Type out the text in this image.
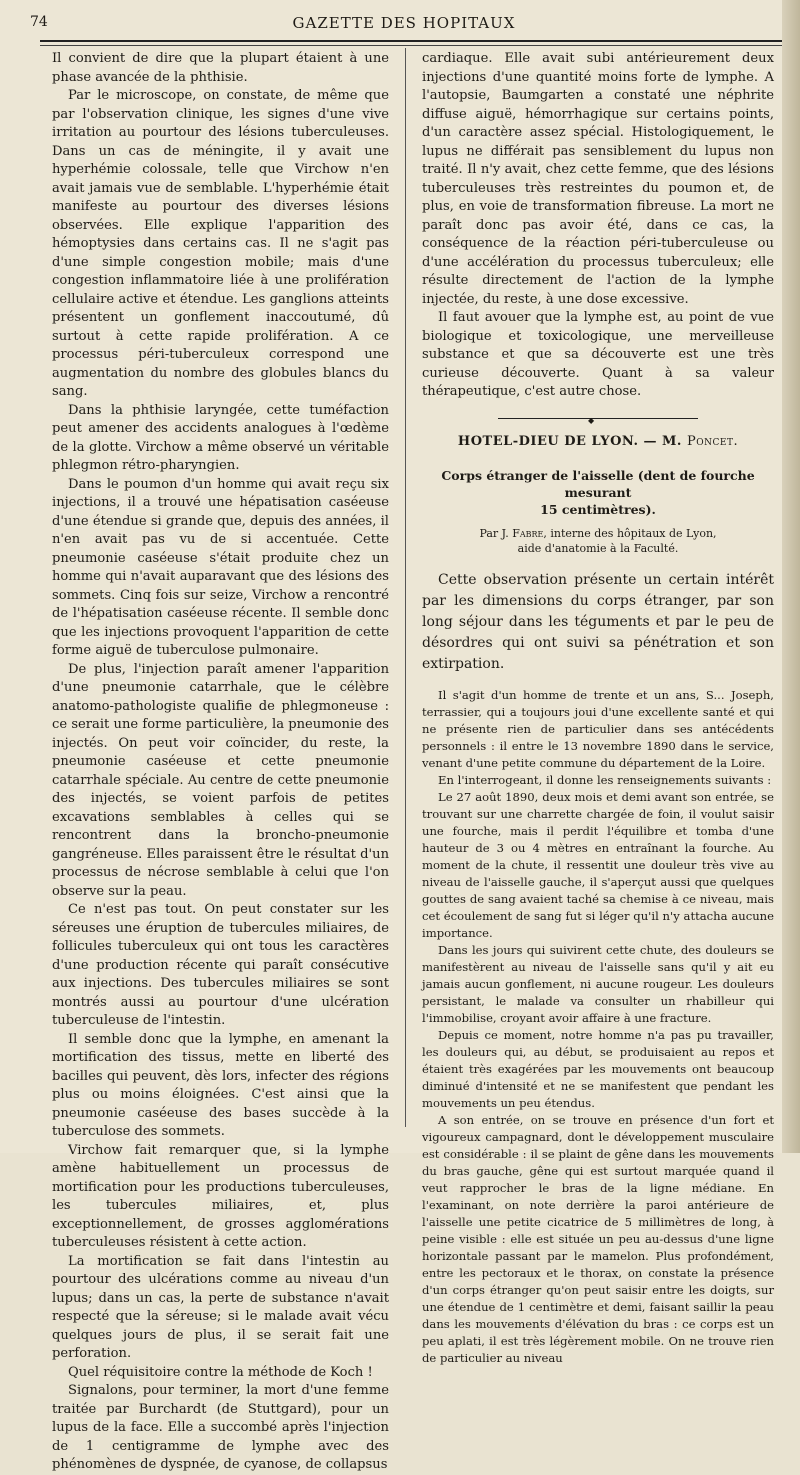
74	GAZETTE DES HOPITAUX

Il convient de dire que la plupart étaient à une phase avancée de la phthisie.

Par le microscope, on constate, de même que par l'observation clinique, les signes d'une vive irritation au pourtour des lésions tuberculeuses. Dans un cas de méningite, il y avait une hyperhémie colossale, telle que Virchow n'en avait jamais vue de semblable. L'hyperhémie était manifeste au pourtour des diverses lésions observées. Elle explique l'apparition des hémoptysies dans certains cas. Il ne s'agit pas d'une simple congestion mobile; mais d'une congestion inflammatoire liée à une prolifération cellulaire active et étendue. Les ganglions atteints présentent un gonflement inaccoutumé, dû surtout à cette rapide prolifération. A ce processus péri-tuberculeux correspond une augmentation du nombre des globules blancs du sang.

Dans la phthisie laryngée, cette tuméfaction peut amener des accidents analogues à l'œdème de la glotte. Virchow a même observé un véritable phlegmon rétro-pharyngien.

Dans le poumon d'un homme qui avait reçu six injections, il a trouvé une hépatisation caséeuse d'une étendue si grande que, depuis des années, il n'en avait pas vu de si accentuée. Cette pneumonie caséeuse s'était produite chez un homme qui n'avait auparavant que des lésions des sommets. Cinq fois sur seize, Virchow a rencontré de l'hépatisation caséeuse récente. Il semble donc que les injections provoquent l'apparition de cette forme aiguë de tuberculose pulmonaire.

De plus, l'injection paraît amener l'apparition d'une pneumonie catarrhale, que le célèbre anatomo-pathologiste qualifie de phlegmoneuse : ce serait une forme particulière, la pneumonie des injectés. On peut voir coïncider, du reste, la pneumonie caséeuse et cette pneumonie catarrhale spéciale. Au centre de cette pneumonie des injectés, se voient parfois de petites excavations semblables à celles qui se rencontrent dans la broncho-pneumonie gangréneuse. Elles paraissent être le résultat d'un processus de nécrose semblable à celui que l'on observe sur la peau.

Ce n'est pas tout. On peut constater sur les séreuses une éruption de tubercules miliaires, de follicules tuberculeux qui ont tous les caractères d'une production récente qui paraît consécutive aux injections. Des tubercules miliaires se sont montrés aussi au pourtour d'une ulcération tuberculeuse de l'intestin.

Il semble donc que la lymphe, en amenant la mortification des tissus, mette en liberté des bacilles qui peuvent, dès lors, infecter des régions plus ou moins éloignées. C'est ainsi que la pneumonie caséeuse des bases succède à la tuberculose des sommets.

Virchow fait remarquer que, si la lymphe amène habituellement un processus de mortification pour les productions tuberculeuses, les tubercules miliaires, et, plus exceptionnellement, de grosses agglomérations tuberculeuses résistent à cette action.

La mortification se fait dans l'intestin au pourtour des ulcérations comme au niveau d'un lupus; dans un cas, la perte de substance n'avait respecté que la séreuse; si le malade avait vécu quelques jours de plus, il se serait fait une perforation.

Quel réquisitoire contre la méthode de Koch !

Signalons, pour terminer, la mort d'une femme traitée par Burchardt (de Stuttgard), pour un lupus de la face. Elle a succombé après l'injection de 1 centigramme de lymphe avec des phénomènes de dyspnée, de cyanose, de collapsus

cardiaque. Elle avait subi antérieurement deux injections d'une quantité moins forte de lymphe. A l'autopsie, Baumgarten a constaté une néphrite diffuse aiguë, hémorrhagique sur certains points, d'un caractère assez spécial. Histologiquement, le lupus ne différait pas sensiblement du lupus non traité. Il n'y avait, chez cette femme, que des lésions tuberculeuses très restreintes du poumon et, de plus, en voie de transformation fibreuse. La mort ne paraît donc pas avoir été, dans ce cas, la conséquence de la réaction péri-tuberculeuse ou d'une accélération du processus tuberculeux; elle résulte directement de l'action de la lymphe injectée, du reste, à une dose excessive.

Il faut avouer que la lymphe est, au point de vue biologique et toxicologique, une merveilleuse substance et que sa découverte est une très curieuse découverte. Quant à sa valeur thérapeutique, c'est autre chose.

◆
HOTEL-DIEU DE LYON. — M. Poncet.
Corps étranger de l'aisselle (dent de fourche mesurant
15 centimètres).
Par J. Fabre, interne des hôpitaux de Lyon,
aide d'anatomie à la Faculté.

Cette observation présente un certain intérêt par les dimensions du corps étranger, par son long séjour dans les téguments et par le peu de désordres qui ont suivi sa pénétration et son extirpation.

Il s'agit d'un homme de trente et un ans, S... Joseph, terrassier, qui a toujours joui d'une excellente santé et qui ne présente rien de particulier dans ses antécédents personnels : il entre le 13 novembre 1890 dans le service, venant d'une petite commune du département de la Loire.

En l'interrogeant, il donne les renseignements suivants :

Le 27 août 1890, deux mois et demi avant son entrée, se trouvant sur une charrette chargée de foin, il voulut saisir une fourche, mais il perdit l'équilibre et tomba d'une hauteur de 3 ou 4 mètres en entraînant la fourche. Au moment de la chute, il ressentit une douleur très vive au niveau de l'aisselle gauche, il s'aperçut aussi que quelques gouttes de sang avaient taché sa chemise à ce niveau, mais cet écoulement de sang fut si léger qu'il n'y attacha aucune importance.

Dans les jours qui suivirent cette chute, des douleurs se manifestèrent au niveau de l'aisselle sans qu'il y ait eu jamais aucun gonflement, ni aucune rougeur. Les douleurs persistant, le malade va consulter un rhabilleur qui l'immobilise, croyant avoir affaire à une fracture.

Depuis ce moment, notre homme n'a pas pu travailler, les douleurs qui, au début, se produisaient au repos et étaient très exagérées par les mouvements ont beaucoup diminué d'intensité et ne se manifestent que pendant les mouvements un peu étendus.

A son entrée, on se trouve en présence d'un fort et vigoureux campagnard, dont le développement musculaire est considérable : il se plaint de gêne dans les mouvements du bras gauche, gêne qui est surtout marquée quand il veut rapprocher le bras de la ligne médiane. En l'examinant, on note derrière la paroi antérieure de l'aisselle une petite cicatrice de 5 millimètres de long, à peine visible : elle est située un peu au-dessus d'une ligne horizontale passant par le mamelon. Plus profondément, entre les pectoraux et le thorax, on constate la présence d'un corps étranger qu'on peut saisir entre les doigts, sur une étendue de 1 centimètre et demi, faisant saillir la peau dans les mouvements d'élévation du bras : ce corps est un peu aplati, il est très légèrement mobile. On ne trouve rien de particulier au niveau
